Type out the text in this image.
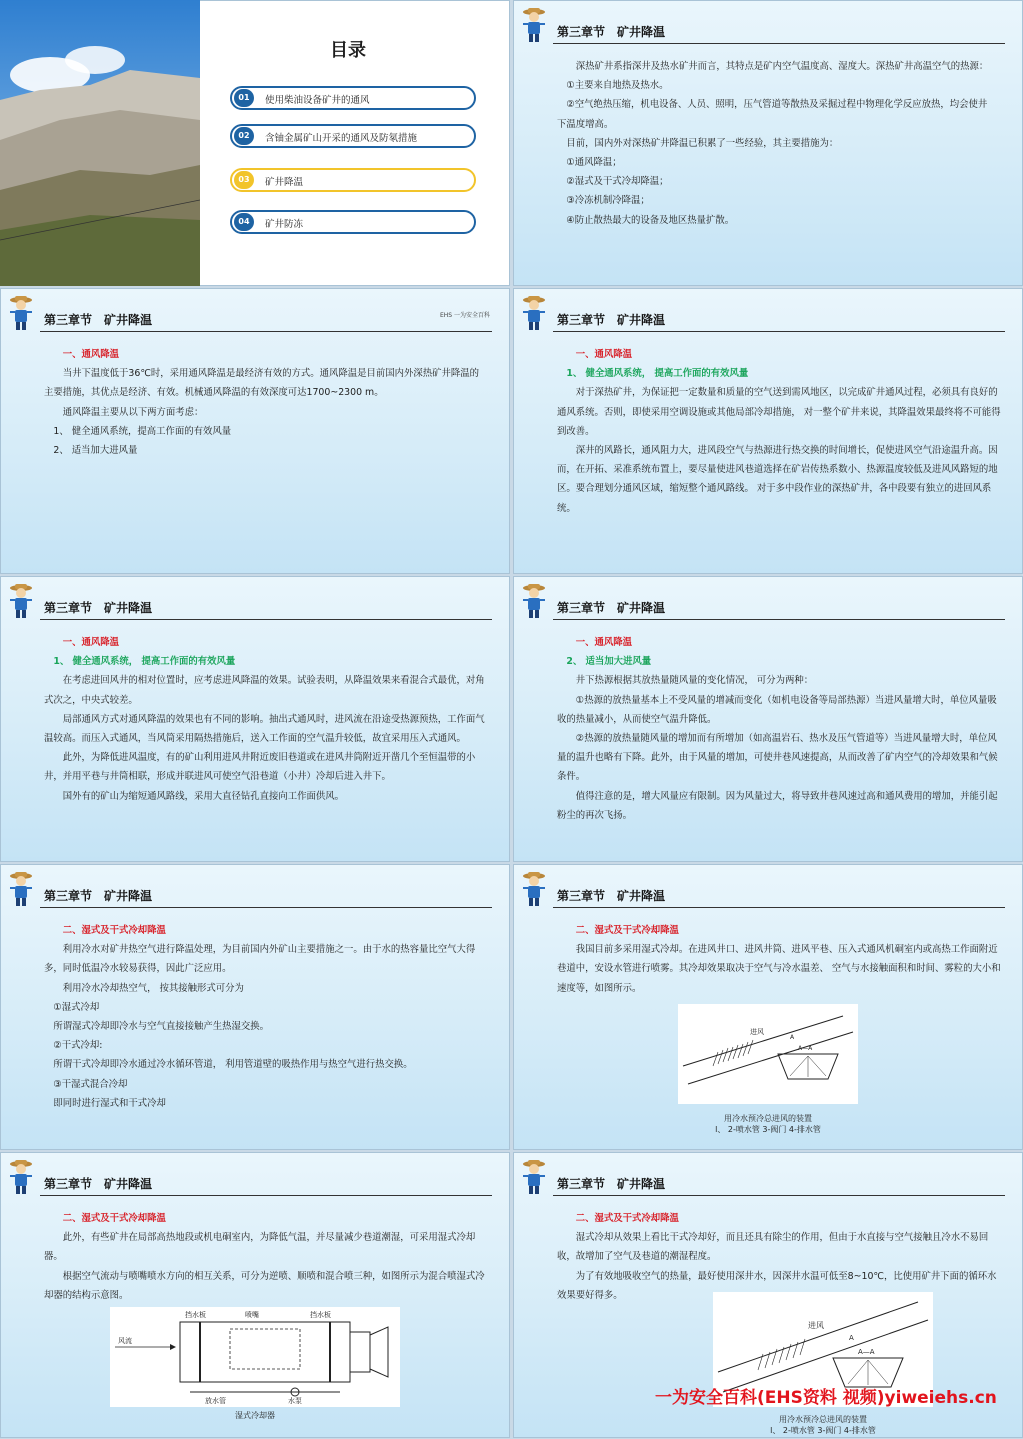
目录
01	使用柴油设备矿井的通风
02	含铀金属矿山开采的通风及防氡措施
03	矿井降温
04	矿井防冻
第三章节　矿井降温

深热矿井系指深井及热水矿井而言，其特点是矿内空气温度高、湿度大。深热矿井高温空气的热源：

①主要来自地热及热水。

②空气绝热压缩，机电设备、人员、照明，压气管道等散热及采掘过程中物理化学反应放热，均会使井下温度增高。

目前，国内外对深热矿井降温已积累了一些经验，其主要措施为：

①通风降温；

②湿式及干式冷却降温；

③冷冻机制冷降温；

④防止散热最大的设备及地区热量扩散。

第三章节　矿井降温	EHS 一为安全百科

一、通风降温

当井下温度低于36℃时，采用通风降温是最经济有效的方式。通风降温是目前国内外深热矿井降温的主要措施，其优点是经济、有效。机械通风降温的有效深度可达1700~2300 m。

通风降温主要从以下两方面考虑：

1、 健全通风系统，提高工作面的有效风量

2、 适当加大进风量

第三章节　矿井降温

一、通风降温

1、 健全通风系统， 提高工作面的有效风量

对于深热矿井，为保证把一定数量和质量的空气送到需风地区，以完成矿井通风过程，必须具有良好的通风系统。否则，即使采用空调设施或其他局部冷却措施， 对一整个矿井来说，其降温效果最终将不可能得到改善。

深井的风路长，通风阻力大，进风段空气与热源进行热交换的时间增长，促使进风空气沿途温升高。因而，在开拓、采准系统布置上，要尽量使进风巷道选择在矿岩传热系数小、热源温度较低及进风风路短的地区。要合理划分通风区域，缩短整个通风路线。 对于多中段作业的深热矿井，各中段要有独立的进回风系统。

第三章节　矿井降温

一、通风降温

1、 健全通风系统， 提高工作面的有效风量

在考虑进回风井的相对位置时，应考虑进风降温的效果。试验表明，从降温效果来看混合式最优，对角式次之，中央式较差。

局部通风方式对通风降温的效果也有不同的影响。抽出式通风时，进风流在沿途受热源预热，工作面气温较高。而压入式通风，当风筒采用隔热措施后，送入工作面的空气温升较低，故宜采用压入式通风。

此外，为降低进风温度，有的矿山利用进风井附近废旧巷道或在进风井筒附近开凿几个至恒温带的小井，并用平巷与井筒相联，形成并联进风可使空气沿巷道（小井）冷却后进入井下。

国外有的矿山为缩短通风路线，采用大直径钻孔直接向工作面供风。

第三章节　矿井降温

一、通风降温

2、 适当加大进风量

井下热源根据其放热量随风量的变化情况， 可分为两种：

①热源的放热量基本上不受风量的增减而变化（如机电设备等局部热源）当进风量增大时，单位风量吸收的热量减小，从而使空气温升降低。

②热源的放热量随风量的增加而有所增加（如高温岩石、热水及压气管道等）当进风量增大时，单位风量的温升也略有下降。此外，由于风量的增加，可使井巷风速提高，从而改善了矿内空气的冷却效果和气候条件。

值得注意的是，增大风量应有限制。因为风量过大，将导致井巷风速过高和通风费用的增加，并能引起粉尘的再次飞扬。

第三章节　矿井降温

二、湿式及干式冷却降温

利用冷水对矿井热空气进行降温处理，为目前国内外矿山主要措施之一。由于水的热容量比空气大得多，同时低温冷水较易获得，因此广泛应用。

利用冷水冷却热空气， 按其接触形式可分为

①湿式冷却

所谓湿式冷却即冷水与空气直接接触产生热湿交换。

②干式冷却:

所谓干式冷却即冷水通过冷水循环管道， 利用管道壁的吸热作用与热空气进行热交换。

③干湿式混合冷却

即同时进行湿式和干式冷却

第三章节　矿井降温

二、湿式及干式冷却降温

我国目前多采用湿式冷却。在进风井口、进风井筒、进风平巷、压入式通风机硐室内或高热工作面附近巷道中，安设水管进行喷雾。其冷却效果取决于空气与冷水温差、 空气与水接触面积和时间、雾粒的大小和速度等，如图所示。

进风
A—A
A
用冷水预冷总进风的装置
l、 2-喷水管 3-阀门 4-排水管
第三章节　矿井降温

二、湿式及干式冷却降温

此外，有些矿井在局部高热地段或机电硐室内，为降低气温，并尽量减少巷道潮湿，可采用湿式冷却器。

根据空气流动与喷嘴喷水方向的相互关系，可分为逆喷、顺喷和混合喷三种，如图所示为混合喷湿式冷却器的结构示意图。

挡水板	喷嘴	挡水板
风流
放水管	水泵
湿式冷却器
第三章节　矿井降温

二、湿式及干式冷却降温

湿式冷却从效果上看比干式冷却好，而且还具有除尘的作用，但由于水直接与空气接触且冷水不易回收，故增加了空气及巷道的潮湿程度。

为了有效地吸收空气的热量，最好使用深井水，因深井水温可低至8~10℃，比使用矿井下面的循环水效果要好得多。

进风
A—A
A
用冷水预冷总进风的装置
l、 2-喷水管 3-阀门 4-排水管
一为安全百科(EHS资料 视频)yiweiehs.cn
